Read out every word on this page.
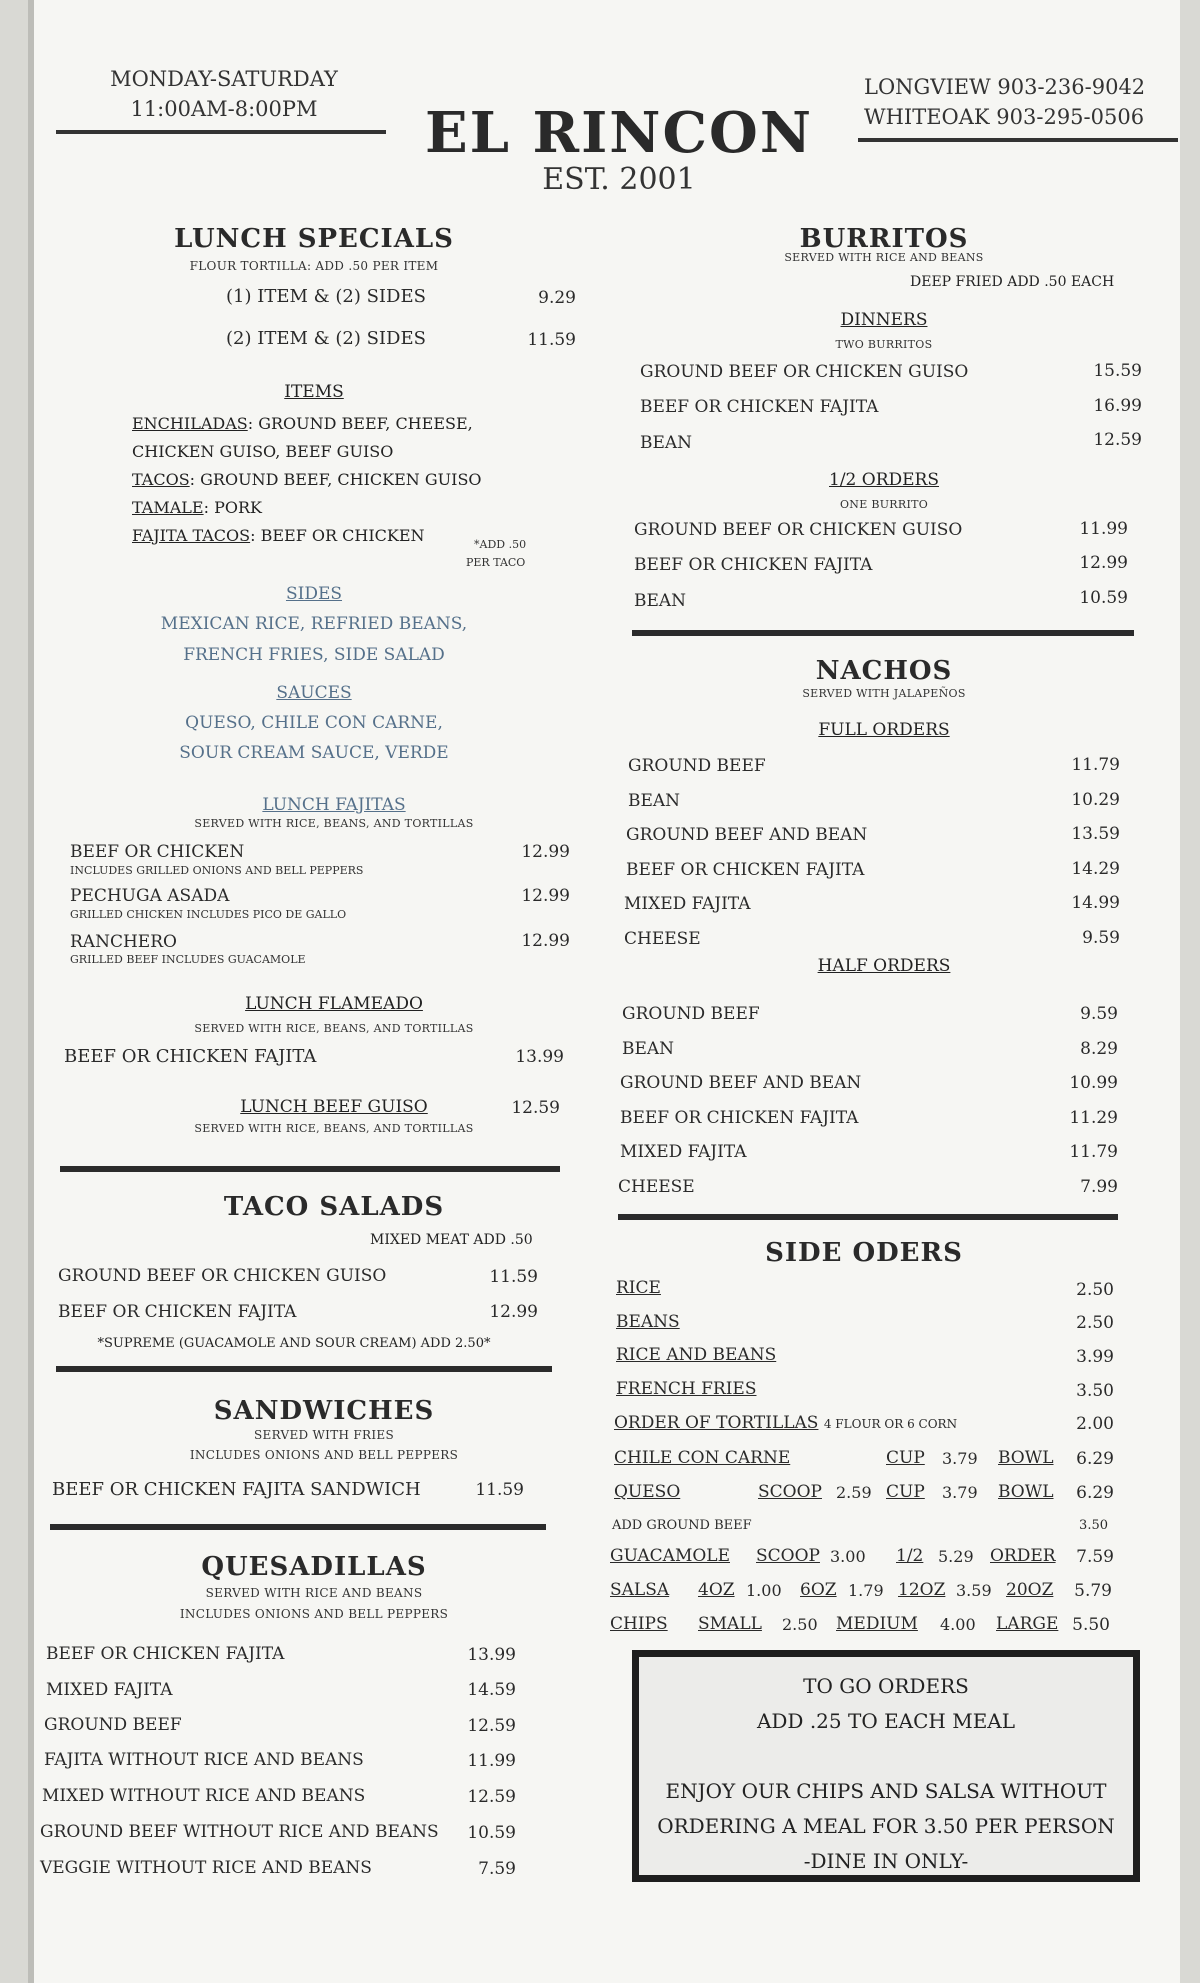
MONDAY-SATURDAY
11:00AM-8:00PM	EL RINCON
EST. 2001
LONGVIEW 903-236-9042
WHITEOAK 903-295-0506
LUNCH SPECIALS
FLOUR TORTILLA: ADD .50 PER ITEM
(1) ITEM & (2) SIDES	9.29
(2) ITEM & (2) SIDES	11.59
ITEMS
ENCHILADAS: GROUND BEEF, CHEESE,
CHICKEN GUISO, BEEF GUISO
TACOS: GROUND BEEF, CHICKEN GUISO
TAMALE: PORK
FAJITA TACOS: BEEF OR CHICKEN	*ADD .50
PER TACO
SIDES
MEXICAN RICE, REFRIED BEANS,
FRENCH FRIES, SIDE SALAD
SAUCES
QUESO, CHILE CON CARNE,
SOUR CREAM SAUCE, VERDE
LUNCH FAJITAS
SERVED WITH RICE, BEANS, AND TORTILLAS
BEEF OR CHICKEN
INCLUDES GRILLED ONIONS AND BELL PEPPERS
12.99
PECHUGA ASADA
GRILLED CHICKEN INCLUDES PICO DE GALLO
12.99
RANCHERO
GRILLED BEEF INCLUDES GUACAMOLE
12.99
LUNCH FLAMEADO
SERVED WITH RICE, BEANS, AND TORTILLAS
BEEF OR CHICKEN FAJITA	13.99
LUNCH BEEF GUISO	12.59
SERVED WITH RICE, BEANS, AND TORTILLAS
TACO SALADS
MIXED MEAT ADD .50
GROUND BEEF OR CHICKEN GUISO	11.59
BEEF OR CHICKEN FAJITA	12.99
*SUPREME (GUACAMOLE AND SOUR CREAM) ADD 2.50*
SANDWICHES
SERVED WITH FRIES
INCLUDES ONIONS AND BELL PEPPERS
BEEF OR CHICKEN FAJITA SANDWICH	11.59
QUESADILLAS
SERVED WITH RICE AND BEANS
INCLUDES ONIONS AND BELL PEPPERS
BEEF OR CHICKEN FAJITA	13.99
MIXED FAJITA	14.59
GROUND BEEF	12.59
FAJITA WITHOUT RICE AND BEANS	11.99
MIXED WITHOUT RICE AND BEANS	12.59
GROUND BEEF WITHOUT RICE AND BEANS	10.59
VEGGIE WITHOUT RICE AND BEANS	7.59
BURRITOS
SERVED WITH RICE AND BEANS
DEEP FRIED ADD .50 EACH
DINNERS
TWO BURRITOS
GROUND BEEF OR CHICKEN GUISO	15.59
BEEF OR CHICKEN FAJITA	16.99
BEAN	12.59
1/2 ORDERS
ONE BURRITO
GROUND BEEF OR CHICKEN GUISO	11.99
BEEF OR CHICKEN FAJITA	12.99
BEAN	10.59
NACHOS
SERVED WITH JALAPEÑOS
FULL ORDERS
GROUND BEEF	11.79
BEAN	10.29
GROUND BEEF AND BEAN	13.59
BEEF OR CHICKEN FAJITA	14.29
MIXED FAJITA	14.99
CHEESE	9.59
HALF ORDERS
GROUND BEEF	9.59
BEAN	8.29
GROUND BEEF AND BEAN	10.99
BEEF OR CHICKEN FAJITA	11.29
MIXED FAJITA	11.79
CHEESE	7.99
SIDE ODERS
RICE	2.50
BEANS	2.50
RICE AND BEANS	3.99
FRENCH FRIES	3.50
ORDER OF TORTILLAS 4 FLOUR OR 6 CORN	2.00
CHILE CON CARNE	CUP 3.79 BOWL	6.29
QUESO	SCOOP 2.59 CUP 3.79 BOWL	6.29
ADD GROUND BEEF	3.50
GUACAMOLE SCOOP 3.00 1/2 5.29 ORDER	7.59
SALSA 4OZ 1.00 6OZ 1.79 12OZ 3.59 20OZ	5.79
CHIPS SMALL 2.50 MEDIUM 4.00 LARGE 5.50
TO GO ORDERS
ADD .25 TO EACH MEAL
ENJOY OUR CHIPS AND SALSA WITHOUT
ORDERING A MEAL FOR 3.50 PER PERSON
-DINE IN ONLY-
